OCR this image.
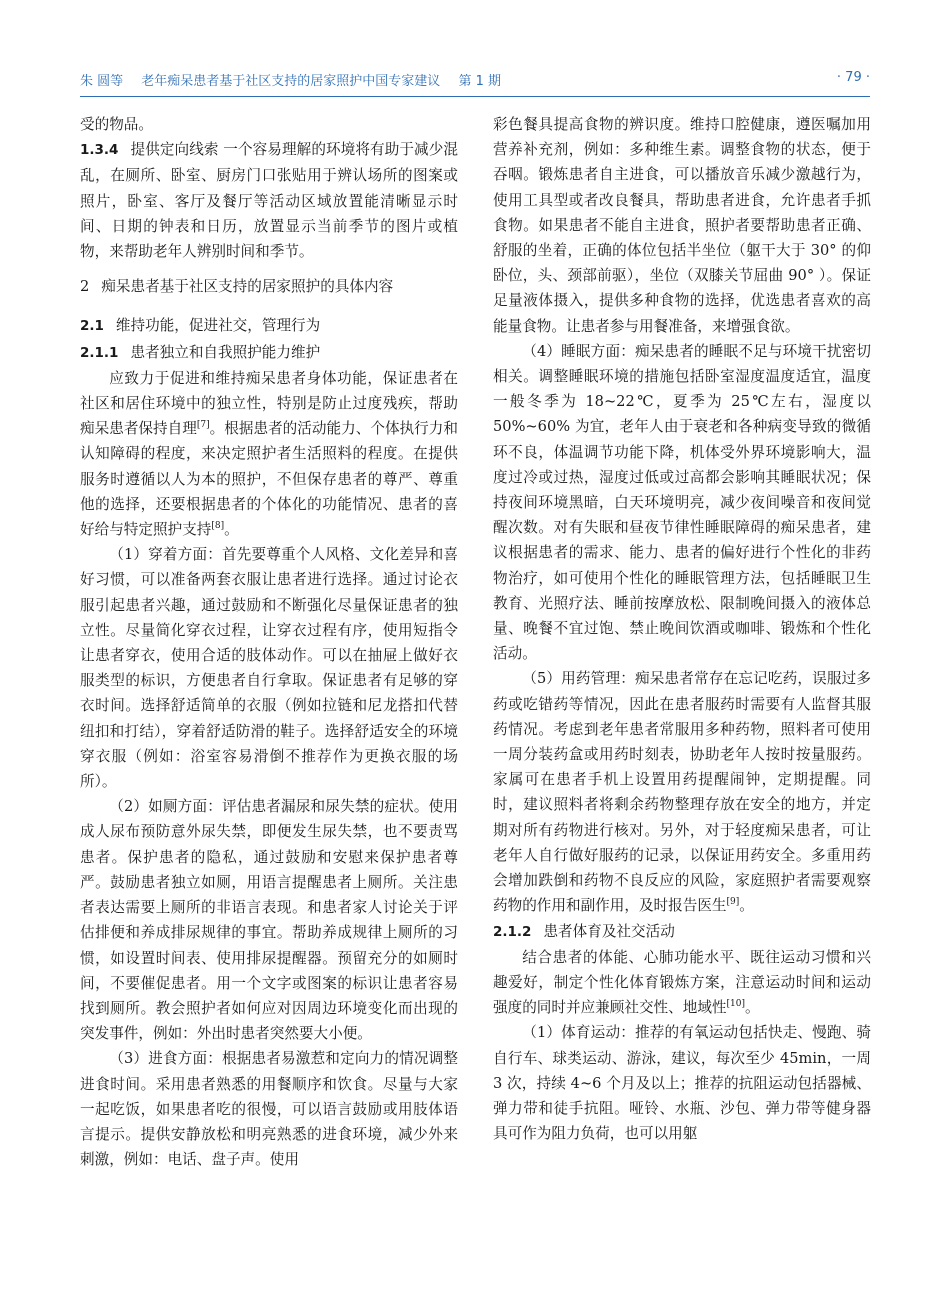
朱 圆等 老年痴呆患者基于社区支持的居家照护中国专家建议 第 1 期	· 79 ·

受的物品。

1.3.4 提供定向线索 一个容易理解的环境将有助于减少混乱，在厕所、卧室、厨房门口张贴用于辨认场所的图案或照片，卧室、客厅及餐厅等活动区域放置能清晰显示时间、日期的钟表和日历，放置显示当前季节的图片或植物，来帮助老年人辨别时间和季节。

2 痴呆患者基于社区支持的居家照护的具体内容

2.1 维持功能，促进社交，管理行为

2.1.1 患者独立和自我照护能力维护

应致力于促进和维持痴呆患者身体功能，保证患者在社区和居住环境中的独立性，特别是防止过度残疾，帮助痴呆患者保持自理[7]。根据患者的活动能力、个体执行力和认知障碍的程度，来决定照护者生活照料的程度。在提供服务时遵循以人为本的照护，不但保存患者的尊严、尊重他的选择，还要根据患者的个体化的功能情况、患者的喜好给与特定照护支持[8]。

（1）穿着方面：首先要尊重个人风格、文化差异和喜好习惯，可以准备两套衣服让患者进行选择。通过讨论衣服引起患者兴趣，通过鼓励和不断强化尽量保证患者的独立性。尽量简化穿衣过程，让穿衣过程有序，使用短指令让患者穿衣，使用合适的肢体动作。可以在抽屉上做好衣服类型的标识，方便患者自行拿取。保证患者有足够的穿衣时间。选择舒适简单的衣服（例如拉链和尼龙搭扣代替纽扣和打结），穿着舒适防滑的鞋子。选择舒适安全的环境穿衣服（例如：浴室容易滑倒不推荐作为更换衣服的场所）。

（2）如厕方面：评估患者漏尿和尿失禁的症状。使用成人尿布预防意外尿失禁，即便发生尿失禁，也不要责骂患者。保护患者的隐私，通过鼓励和安慰来保护患者尊严。鼓励患者独立如厕，用语言提醒患者上厕所。关注患者表达需要上厕所的非语言表现。和患者家人讨论关于评估排便和养成排尿规律的事宜。帮助养成规律上厕所的习惯，如设置时间表、使用排尿提醒器。预留充分的如厕时间，不要催促患者。用一个文字或图案的标识让患者容易找到厕所。教会照护者如何应对因周边环境变化而出现的突发事件，例如：外出时患者突然要大小便。

（3）进食方面：根据患者易激惹和定向力的情况调整进食时间。采用患者熟悉的用餐顺序和饮食。尽量与大家一起吃饭，如果患者吃的很慢，可以语言鼓励或用肢体语言提示。提供安静放松和明亮熟悉的进食环境，减少外来刺激，例如：电话、盘子声。使用

彩色餐具提高食物的辨识度。维持口腔健康，遵医嘱加用营养补充剂，例如：多种维生素。调整食物的状态，便于吞咽。锻炼患者自主进食，可以播放音乐减少激越行为，使用工具型或者改良餐具，帮助患者进食，允许患者手抓食物。如果患者不能自主进食，照护者要帮助患者正确、舒服的坐着，正确的体位包括半坐位（躯干大于 30° 的仰卧位，头、颈部前驱），坐位（双膝关节屈曲 90° ）。保证足量液体摄入，提供多种食物的选择，优选患者喜欢的高能量食物。让患者参与用餐准备，来增强食欲。

（4）睡眠方面：痴呆患者的睡眠不足与环境干扰密切相关。调整睡眠环境的措施包括卧室湿度温度适宜，温度一般冬季为 18~22℃，夏季为 25℃左右，湿度以 50%~60% 为宜，老年人由于衰老和各种病变导致的微循环不良，体温调节功能下降，机体受外界环境影响大，温度过冷或过热，湿度过低或过高都会影响其睡眠状况；保持夜间环境黑暗，白天环境明亮，减少夜间噪音和夜间觉醒次数。对有失眠和昼夜节律性睡眠障碍的痴呆患者，建议根据患者的需求、能力、患者的偏好进行个性化的非药物治疗，如可使用个性化的睡眠管理方法，包括睡眠卫生教育、光照疗法、睡前按摩放松、限制晚间摄入的液体总量、晚餐不宜过饱、禁止晚间饮酒或咖啡、锻炼和个性化活动。

（5）用药管理：痴呆患者常存在忘记吃药，误服过多药或吃错药等情况，因此在患者服药时需要有人监督其服药情况。考虑到老年患者常服用多种药物，照料者可使用一周分装药盒或用药时刻表，协助老年人按时按量服药。家属可在患者手机上设置用药提醒闹钟，定期提醒。同时，建议照料者将剩余药物整理存放在安全的地方，并定期对所有药物进行核对。另外，对于轻度痴呆患者，可让老年人自行做好服药的记录，以保证用药安全。多重用药会增加跌倒和药物不良反应的风险，家庭照护者需要观察药物的作用和副作用，及时报告医生[9]。

2.1.2 患者体育及社交活动

结合患者的体能、心肺功能水平、既往运动习惯和兴趣爱好，制定个性化体育锻炼方案，注意运动时间和运动强度的同时并应兼顾社交性、地域性[10]。

（1）体育运动：推荐的有氧运动包括快走、慢跑、骑自行车、球类运动、游泳，建议，每次至少 45min，一周 3 次，持续 4~6 个月及以上；推荐的抗阻运动包括器械、弹力带和徒手抗阻。哑铃、水瓶、沙包、弹力带等健身器具可作为阻力负荷，也可以用躯
